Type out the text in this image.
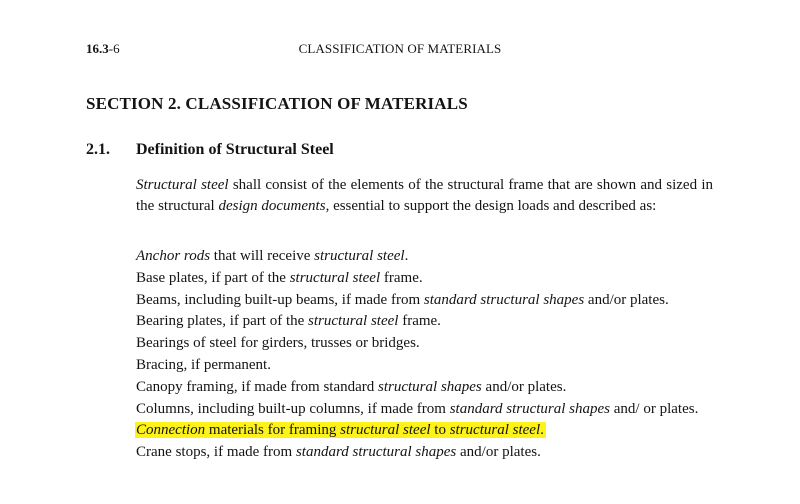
16.3-6	CLASSIFICATION OF MATERIALS
SECTION 2. CLASSIFICATION OF MATERIALS
2.1. Definition of Structural Steel

Structural steel shall consist of the elements of the structural frame that are shown and sized in the structural design documents, essential to support the design loads and described as:

Anchor rods that will receive structural steel.
Base plates, if part of the structural steel frame.
Beams, including built-up beams, if made from standard structural shapes and/or plates.
Bearing plates, if part of the structural steel frame.
Bearings of steel for girders, trusses or bridges.
Bracing, if permanent.
Canopy framing, if made from standard structural shapes and/or plates.
Columns, including built-up columns, if made from standard structural shapes and/ or plates.
Connection materials for framing structural steel to structural steel.
Crane stops, if made from standard structural shapes and/or plates.
